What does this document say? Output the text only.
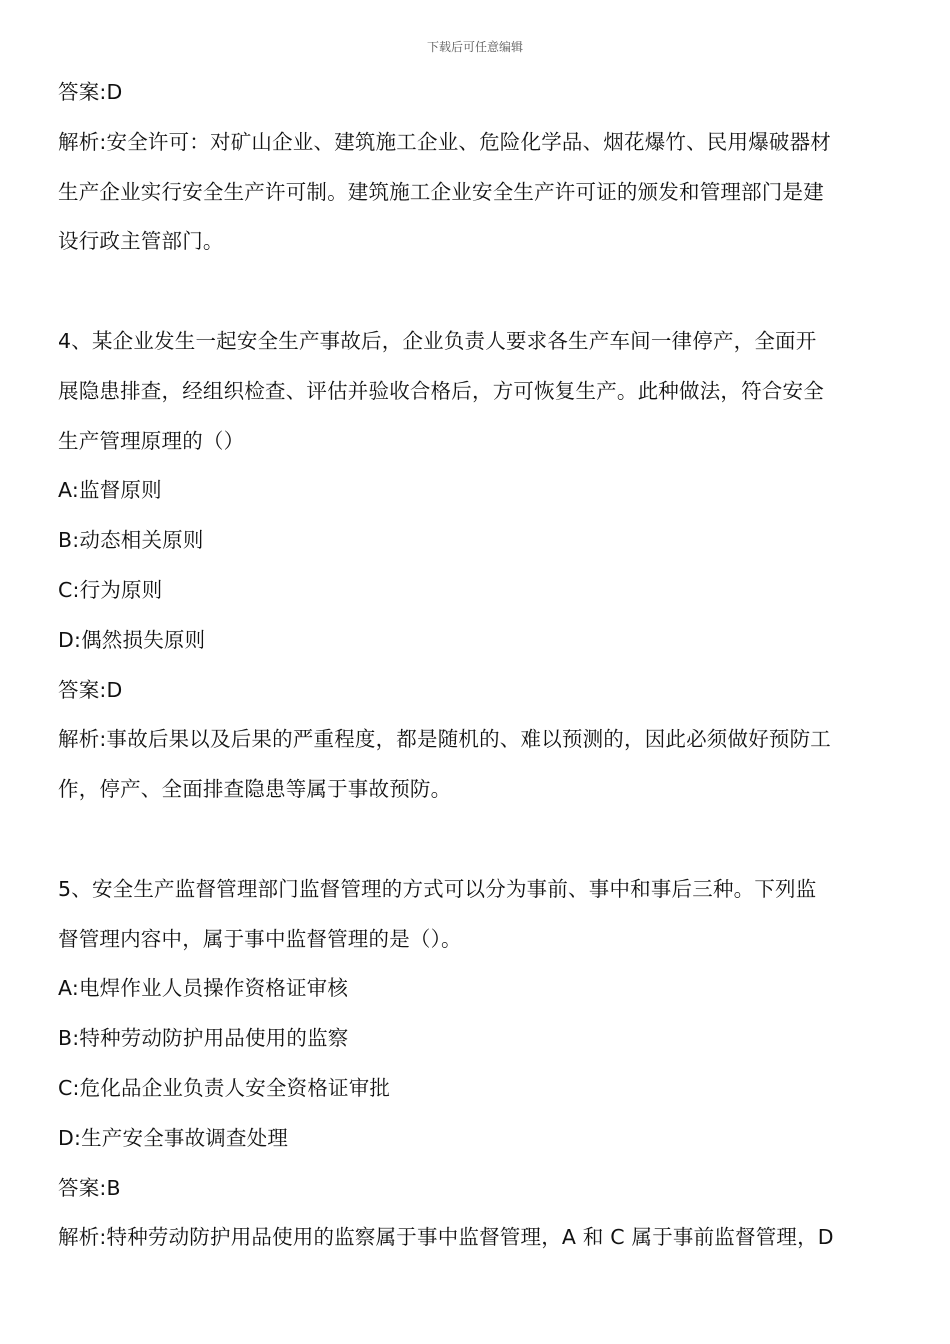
下载后可任意编辑
答案:D
解析:安全许可：对矿山企业、建筑施工企业、危险化学品、烟花爆竹、民用爆破器材
生产企业实行安全生产许可制。建筑施工企业安全生产许可证的颁发和管理部门是建
设行政主管部门。
4、某企业发生一起安全生产事故后，企业负责人要求各生产车间一律停产，全面开
展隐患排查，经组织检查、评估并验收合格后，方可恢复生产。此种做法，符合安全
生产管理原理的（）
A:监督原则
B:动态相关原则
C:行为原则
D:偶然损失原则
答案:D
解析:事故后果以及后果的严重程度，都是随机的、难以预测的，因此必须做好预防工
作，停产、全面排查隐患等属于事故预防。
5、安全生产监督管理部门监督管理的方式可以分为事前、事中和事后三种。下列监
督管理内容中，属于事中监督管理的是（）。
A:电焊作业人员操作资格证审核
B:特种劳动防护用品使用的监察
C:危化品企业负责人安全资格证审批
D:生产安全事故调查处理
答案:B
解析:特种劳动防护用品使用的监察属于事中监督管理，A 和 C 属于事前监督管理，D
